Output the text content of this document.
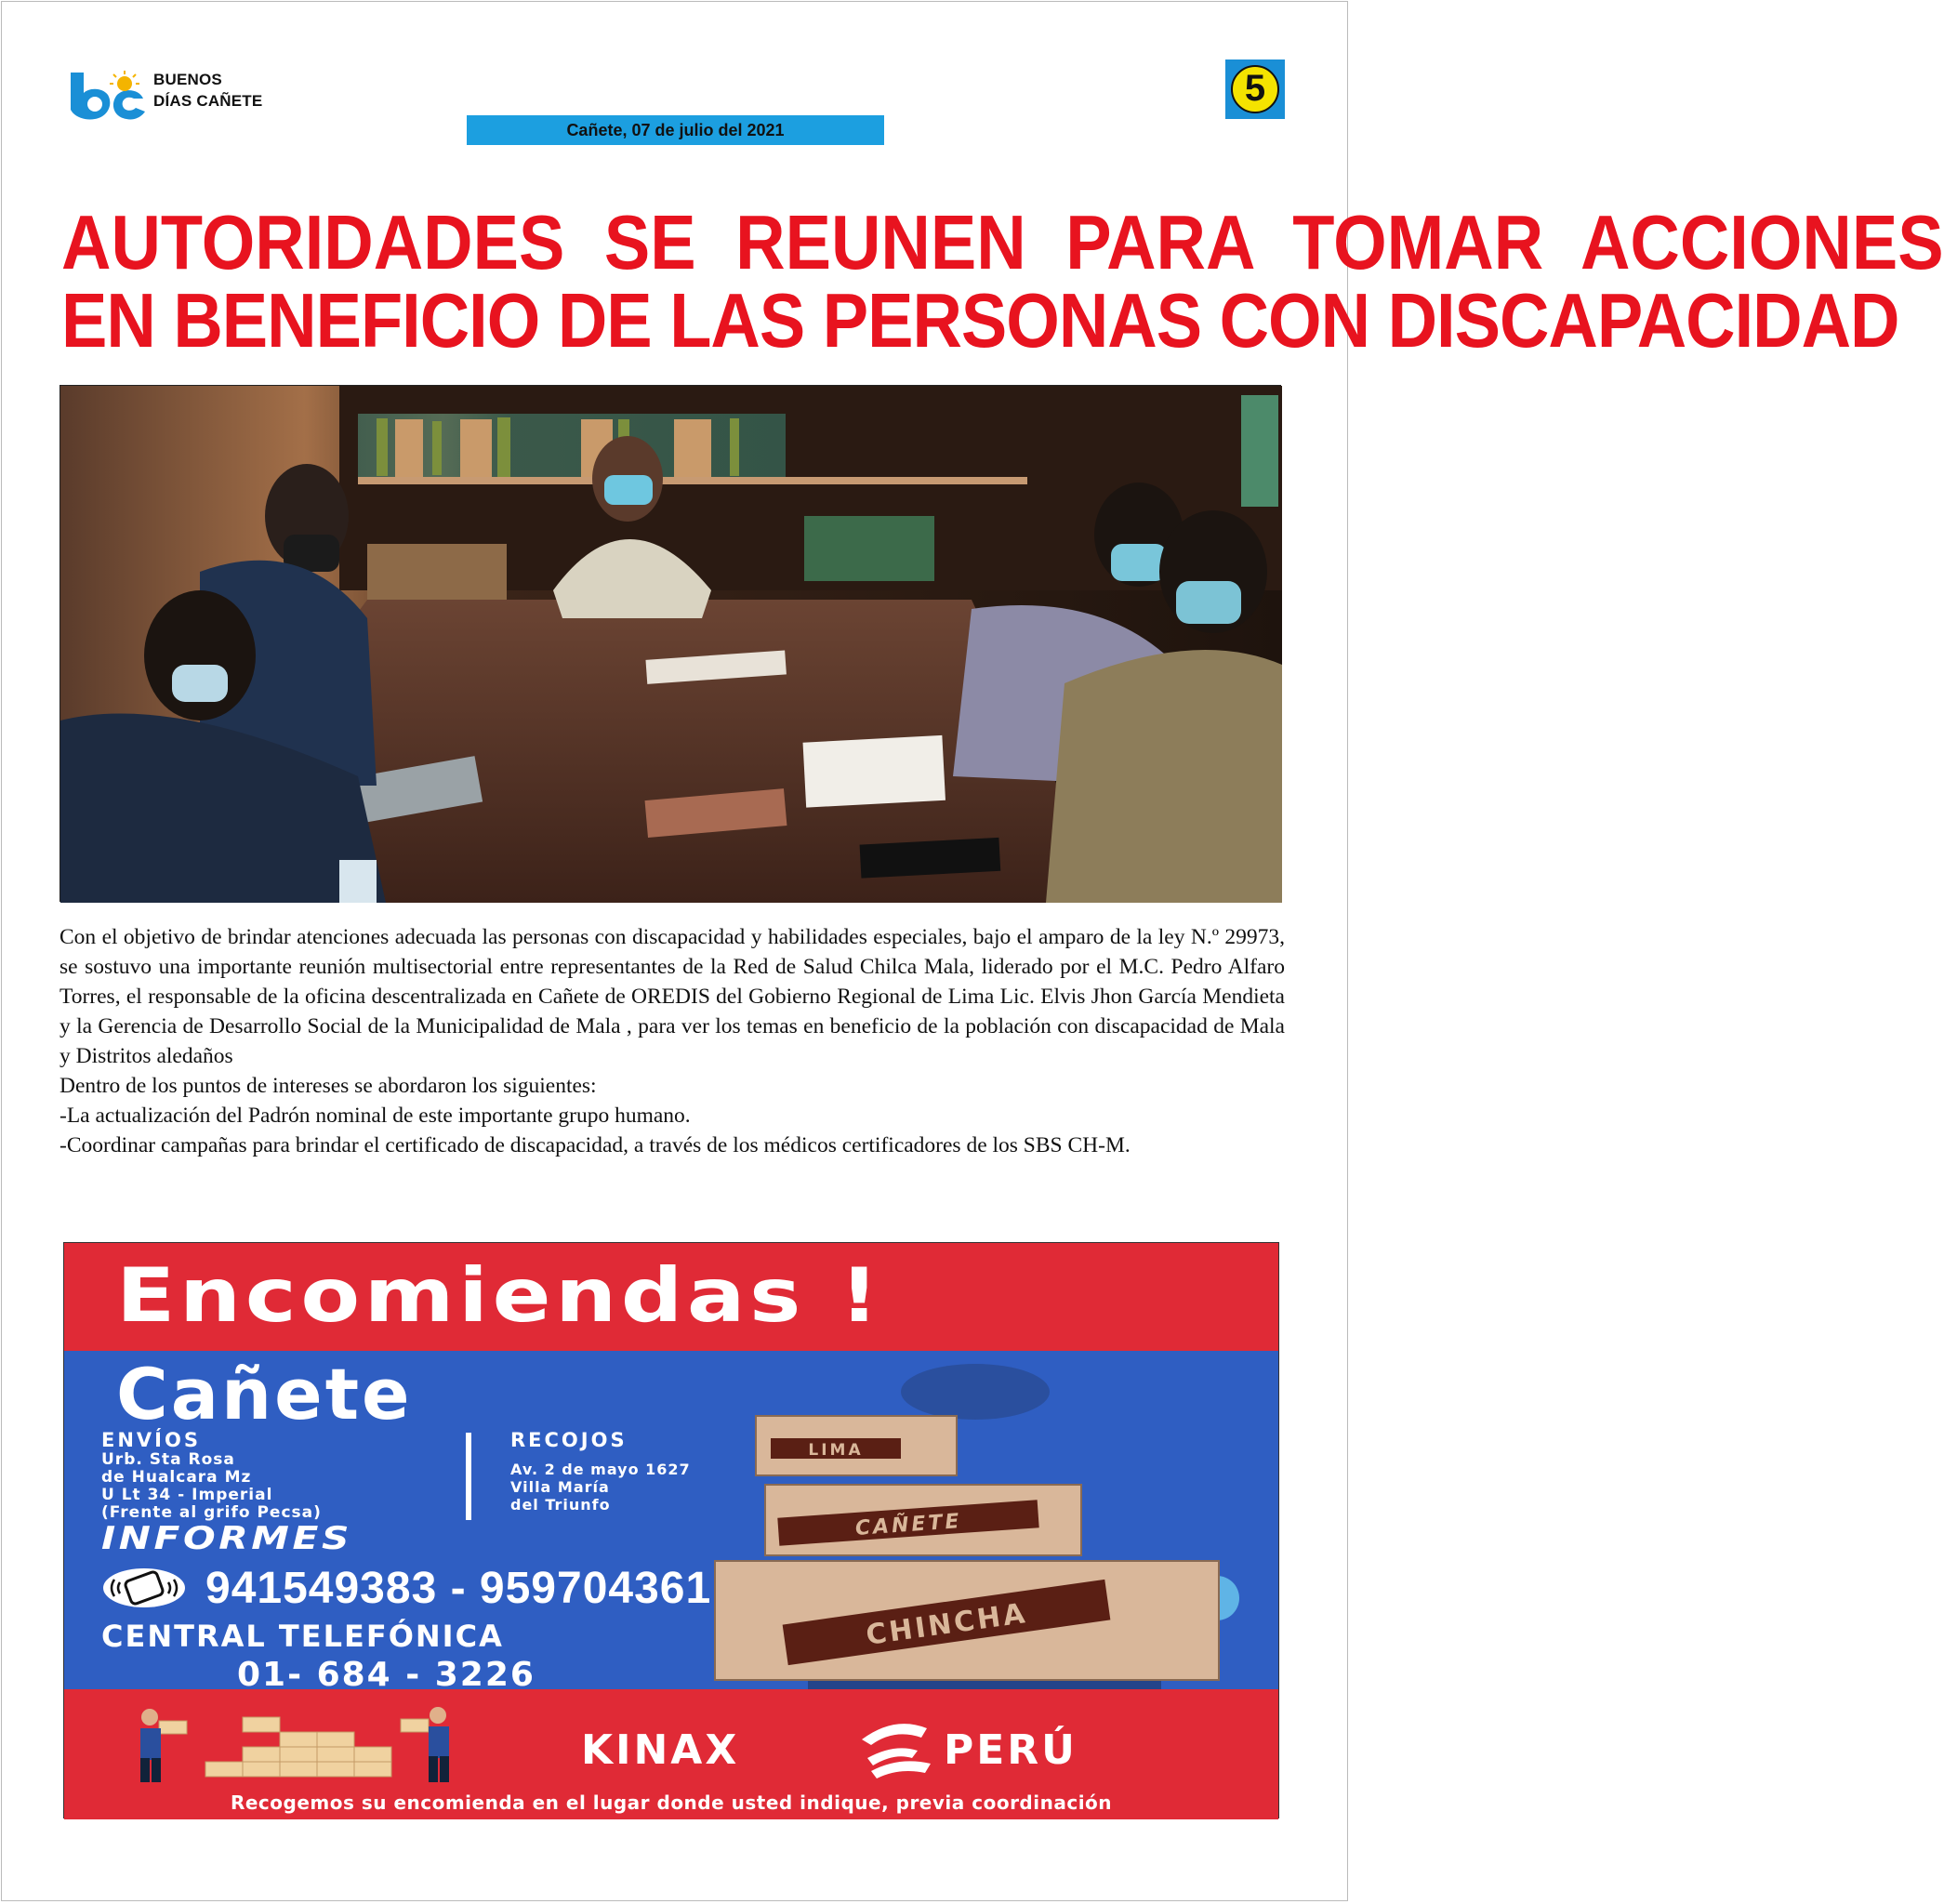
BUENOS
DÍAS CAÑETE	5
Cañete, 07 de julio del 2021
AUTORIDADES SE REUNEN PARA TOMAR ACCIONES
EN BENEFICIO DE LAS PERSONAS CON DISCAPACIDAD

Con el objetivo de brindar atenciones adecuada las personas con discapacidad y habilidades especiales, bajo el amparo de la ley N.º 29973, se sostuvo una importante reunión multisectorial entre representantes de la Red de Salud Chilca Mala, liderado por el M.C. Pedro Alfaro Torres, el responsable de la oficina descentralizada en Cañete de OREDIS del Gobierno Regional de Lima Lic. Elvis Jhon García Mendieta y la Gerencia de Desarrollo Social de la Municipalidad de Mala , para ver los temas en beneficio de la población con discapacidad de Mala y Distritos aledaños

Dentro de los puntos de intereses se abordaron los siguientes:

-La actualización del Padrón nominal de este importante grupo humano.

-Coordinar campañas para brindar el certificado de discapacidad, a través de los médicos certificadores de los SBS CH-M.

Encomiendas !
Cañete
ENVÍOS
Urb. Sta Rosa
de Hualcara Mz
U Lt 34 - Imperial
(Frente al grifo Pecsa)
RECOJOS
Av. 2 de mayo 1627
Villa María
del Triunfo
INFORMES
941549383 - 959704361
CENTRAL TELEFÓNICA
01- 684 - 3226
LIMA
CAÑETE
CHINCHA
KINAX	PERÚ
Recogemos su encomienda en el lugar donde usted indique, previa coordinación
